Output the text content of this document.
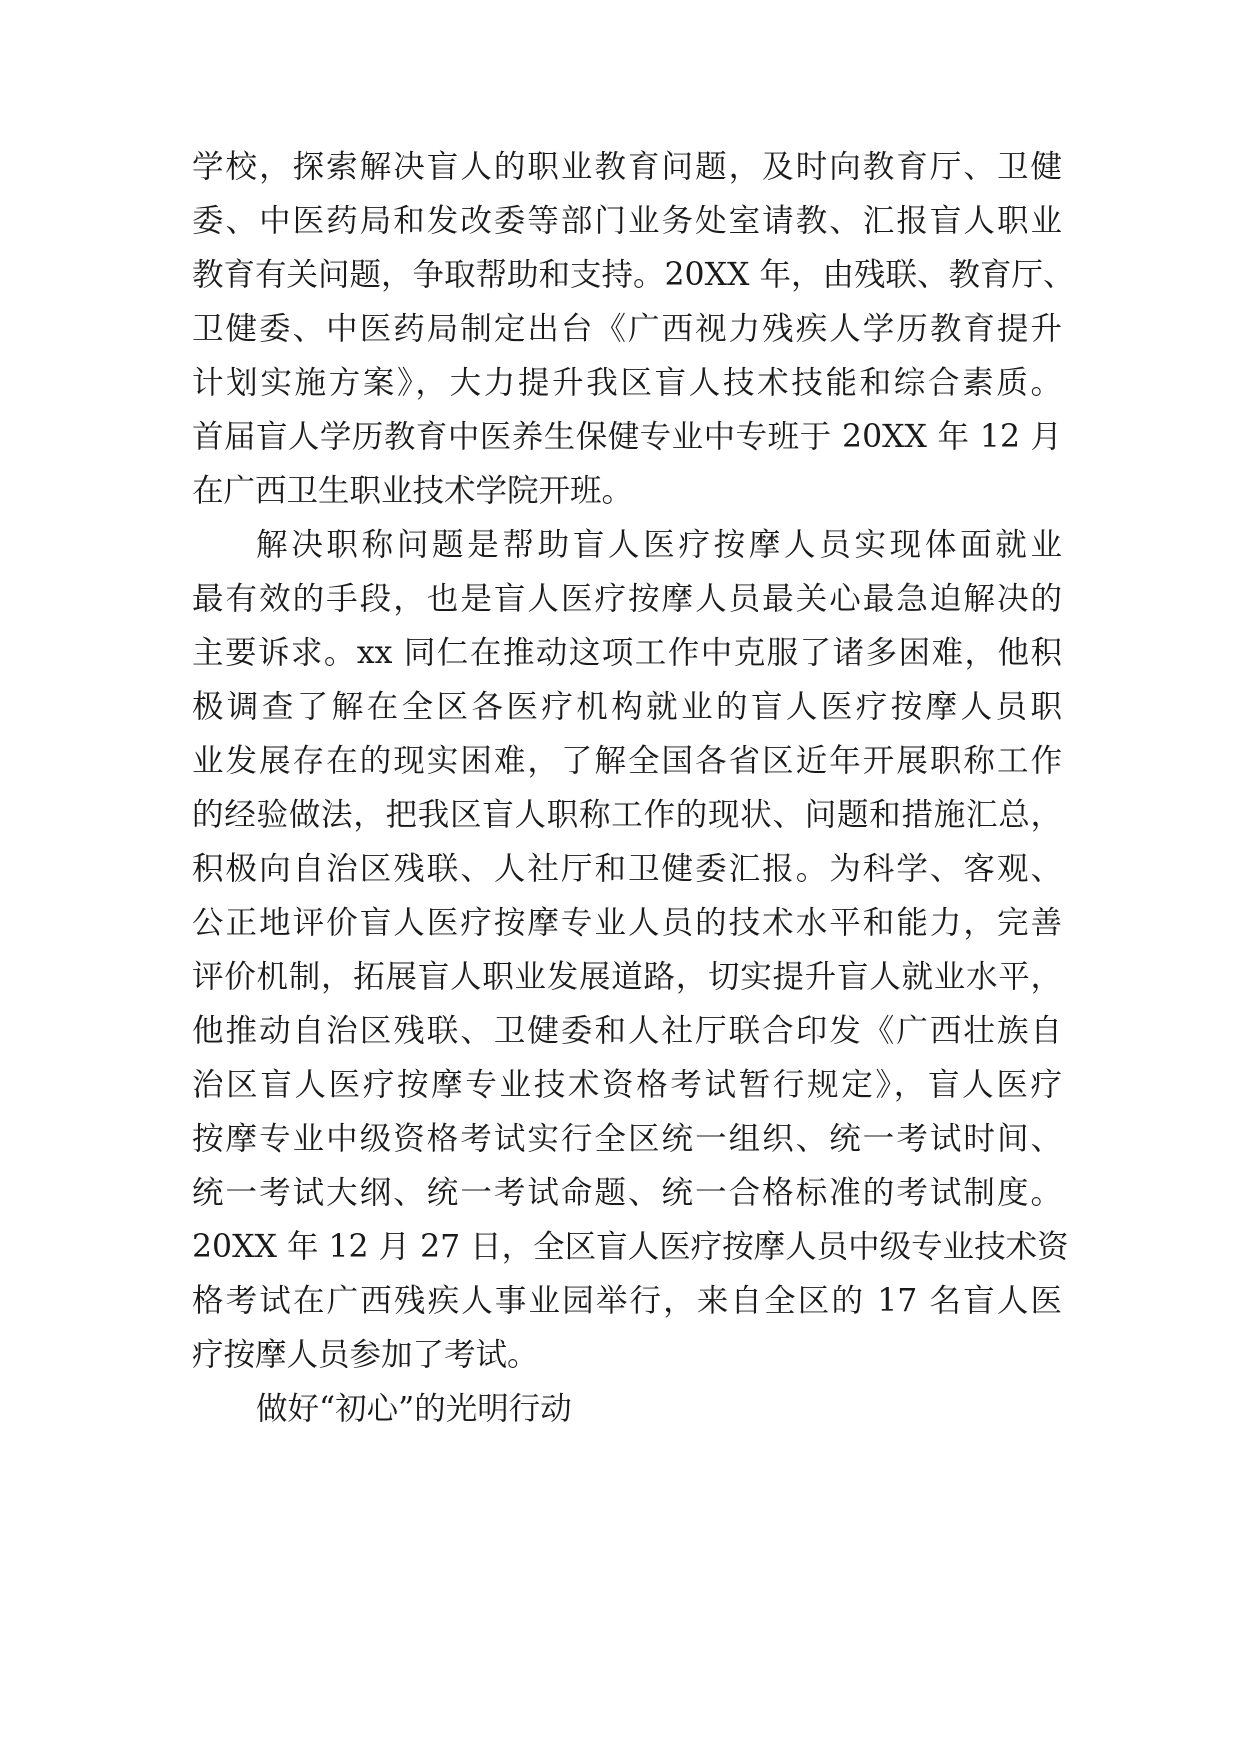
学校，探索解决盲人的职业教育问题，及时向教育厅、卫健
委、中医药局和发改委等部门业务处室请教、汇报盲人职业
教育有关问题，争取帮助和支持。20XX 年，由残联、教育厅、
卫健委、中医药局制定出台《广西视力残疾人学历教育提升
计划实施方案》，大力提升我区盲人技术技能和综合素质。
首届盲人学历教育中医养生保健专业中专班于 20XX 年 12 月
在广西卫生职业技术学院开班。
解决职称问题是帮助盲人医疗按摩人员实现体面就业
最有效的手段，也是盲人医疗按摩人员最关心最急迫解决的
主要诉求。xx 同仁在推动这项工作中克服了诸多困难，他积
极调查了解在全区各医疗机构就业的盲人医疗按摩人员职
业发展存在的现实困难，了解全国各省区近年开展职称工作
的经验做法，把我区盲人职称工作的现状、问题和措施汇总，
积极向自治区残联、人社厅和卫健委汇报。为科学、客观、
公正地评价盲人医疗按摩专业人员的技术水平和能力，完善
评价机制，拓展盲人职业发展道路，切实提升盲人就业水平，
他推动自治区残联、卫健委和人社厅联合印发《广西壮族自
治区盲人医疗按摩专业技术资格考试暂行规定》，盲人医疗
按摩专业中级资格考试实行全区统一组织、统一考试时间、
统一考试大纲、统一考试命题、统一合格标准的考试制度。
20XX 年 12 月 27 日，全区盲人医疗按摩人员中级专业技术资
格考试在广西残疾人事业园举行，来自全区的 17 名盲人医
疗按摩人员参加了考试。
做好“初心”的光明行动
